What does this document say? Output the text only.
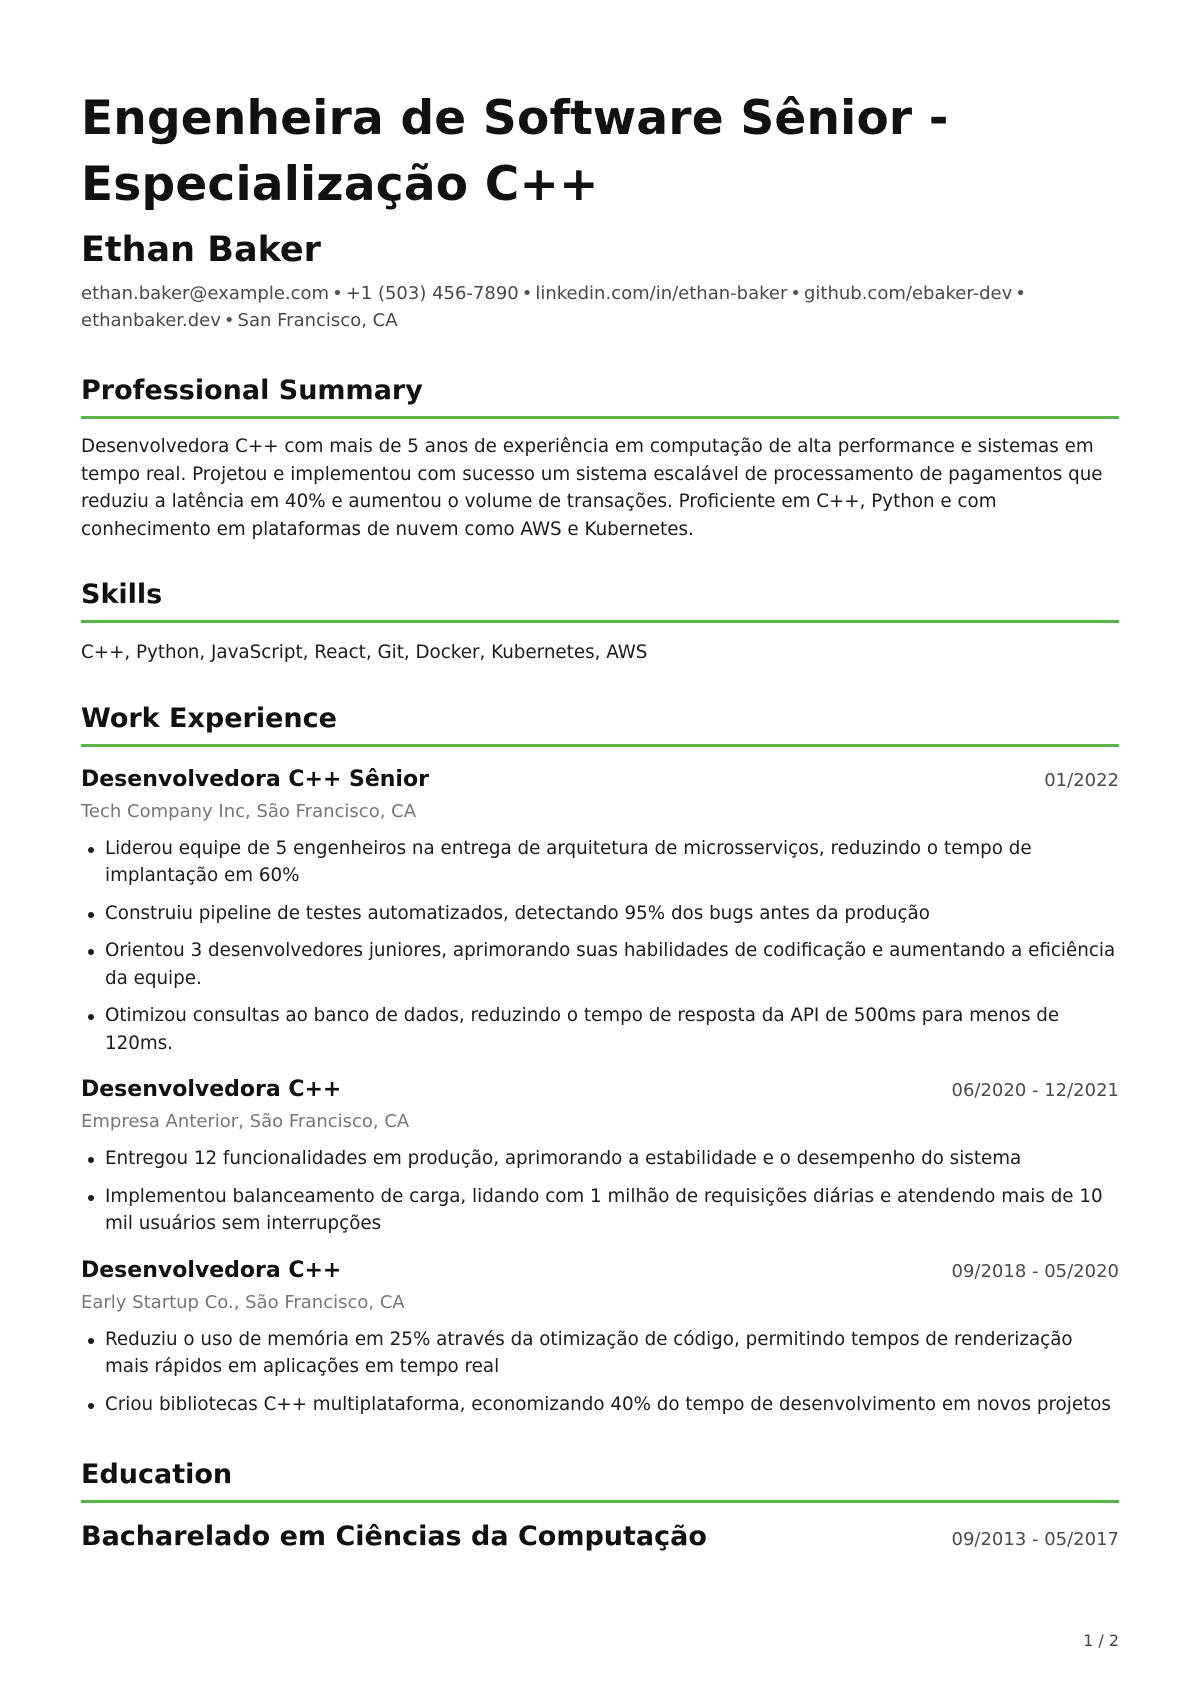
Engenheira de Software Sênior -
Especialização C++
Ethan Baker
ethan.baker@example.com • +1 (503) 456-7890 • linkedin.com/in/ethan-baker • github.com/ebaker-dev •
ethanbaker.dev • San Francisco, CA
Professional Summary

Desenvolvedora C++ com mais de 5 anos de experiência em computação de alta performance e sistemas em tempo real. Projetou e implementou com sucesso um sistema escalável de processamento de pagamentos que reduziu a latência em 40% e aumentou o volume de transações. Proficiente em C++, Python e com conhecimento em plataformas de nuvem como AWS e Kubernetes.

Skills

C++, Python, JavaScript, React, Git, Docker, Kubernetes, AWS

Work Experience
Desenvolvedora C++ Sênior	01/2022
Tech Company Inc, São Francisco, CA
Liderou equipe de 5 engenheiros na entrega de arquitetura de microsserviços, reduzindo o tempo de implantação em 60%
Construiu pipeline de testes automatizados, detectando 95% dos bugs antes da produção
Orientou 3 desenvolvedores juniores, aprimorando suas habilidades de codificação e aumentando a eficiência da equipe.
Otimizou consultas ao banco de dados, reduzindo o tempo de resposta da API de 500ms para menos de 120ms.
Desenvolvedora C++	06/2020 - 12/2021
Empresa Anterior, São Francisco, CA
Entregou 12 funcionalidades em produção, aprimorando a estabilidade e o desempenho do sistema
Implementou balanceamento de carga, lidando com 1 milhão de requisições diárias e atendendo mais de 10 mil usuários sem interrupções
Desenvolvedora C++	09/2018 - 05/2020
Early Startup Co., São Francisco, CA
Reduziu o uso de memória em 25% através da otimização de código, permitindo tempos de renderização mais rápidos em aplicações em tempo real
Criou bibliotecas C++ multiplataforma, economizando 40% do tempo de desenvolvimento em novos projetos
Education
Bacharelado em Ciências da Computação	09/2013 - 05/2017
1 / 2
